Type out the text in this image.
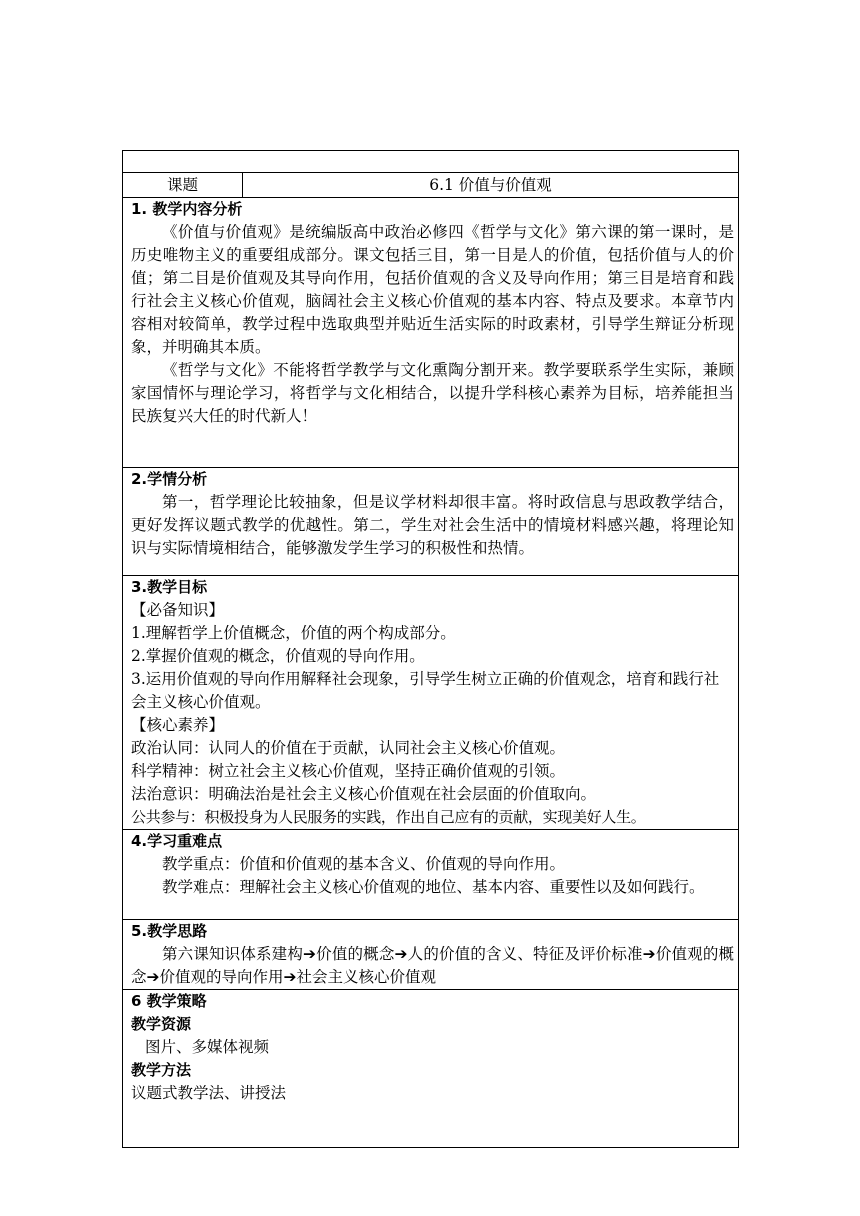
课题	6.1 价值与价值观

1. 教学内容分析

《价值与价值观》是统编版高中政治必修四《哲学与文化》第六课的第一课时，是历史唯物主义的重要组成部分。课文包括三目，第一目是人的价值，包括价值与人的价值；第二目是价值观及其导向作用，包括价值观的含义及导向作用；第三目是培育和践行社会主义核心价值观，脑阔社会主义核心价值观的基本内容、特点及要求。本章节内容相对较简单，教学过程中选取典型并贴近生活实际的时政素材，引导学生辩证分析现象，并明确其本质。

《哲学与文化》不能将哲学教学与文化熏陶分割开来。教学要联系学生实际，兼顾家国情怀与理论学习，将哲学与文化相结合，以提升学科核心素养为目标，培养能担当民族复兴大任的时代新人！

2.学情分析

第一，哲学理论比较抽象，但是议学材料却很丰富。将时政信息与思政教学结合，更好发挥议题式教学的优越性。第二，学生对社会生活中的情境材料感兴趣，将理论知识与实际情境相结合，能够激发学生学习的积极性和热情。

3.教学目标

【必备知识】

1.理解哲学上价值概念，价值的两个构成部分。

2.掌握价值观的概念，价值观的导向作用。

3.运用价值观的导向作用解释社会现象，引导学生树立正确的价值观念，培育和践行社会主义核心价值观。

【核心素养】

政治认同：认同人的价值在于贡献，认同社会主义核心价值观。

科学精神：树立社会主义核心价值观，坚持正确价值观的引领。

法治意识：明确法治是社会主义核心价值观在社会层面的价值取向。

公共参与：积极投身为人民服务的实践，作出自己应有的贡献，实现美好人生。

4.学习重难点

教学重点：价值和价值观的基本含义、价值观的导向作用。

教学难点：理解社会主义核心价值观的地位、基本内容、重要性以及如何践行。

5.教学思路

第六课知识体系建构➔价值的概念➔人的价值的含义、特征及评价标准➔价值观的概念➔价值观的导向作用➔社会主义核心价值观

6 教学策略

教学资源

图片、多媒体视频

教学方法

议题式教学法、讲授法
